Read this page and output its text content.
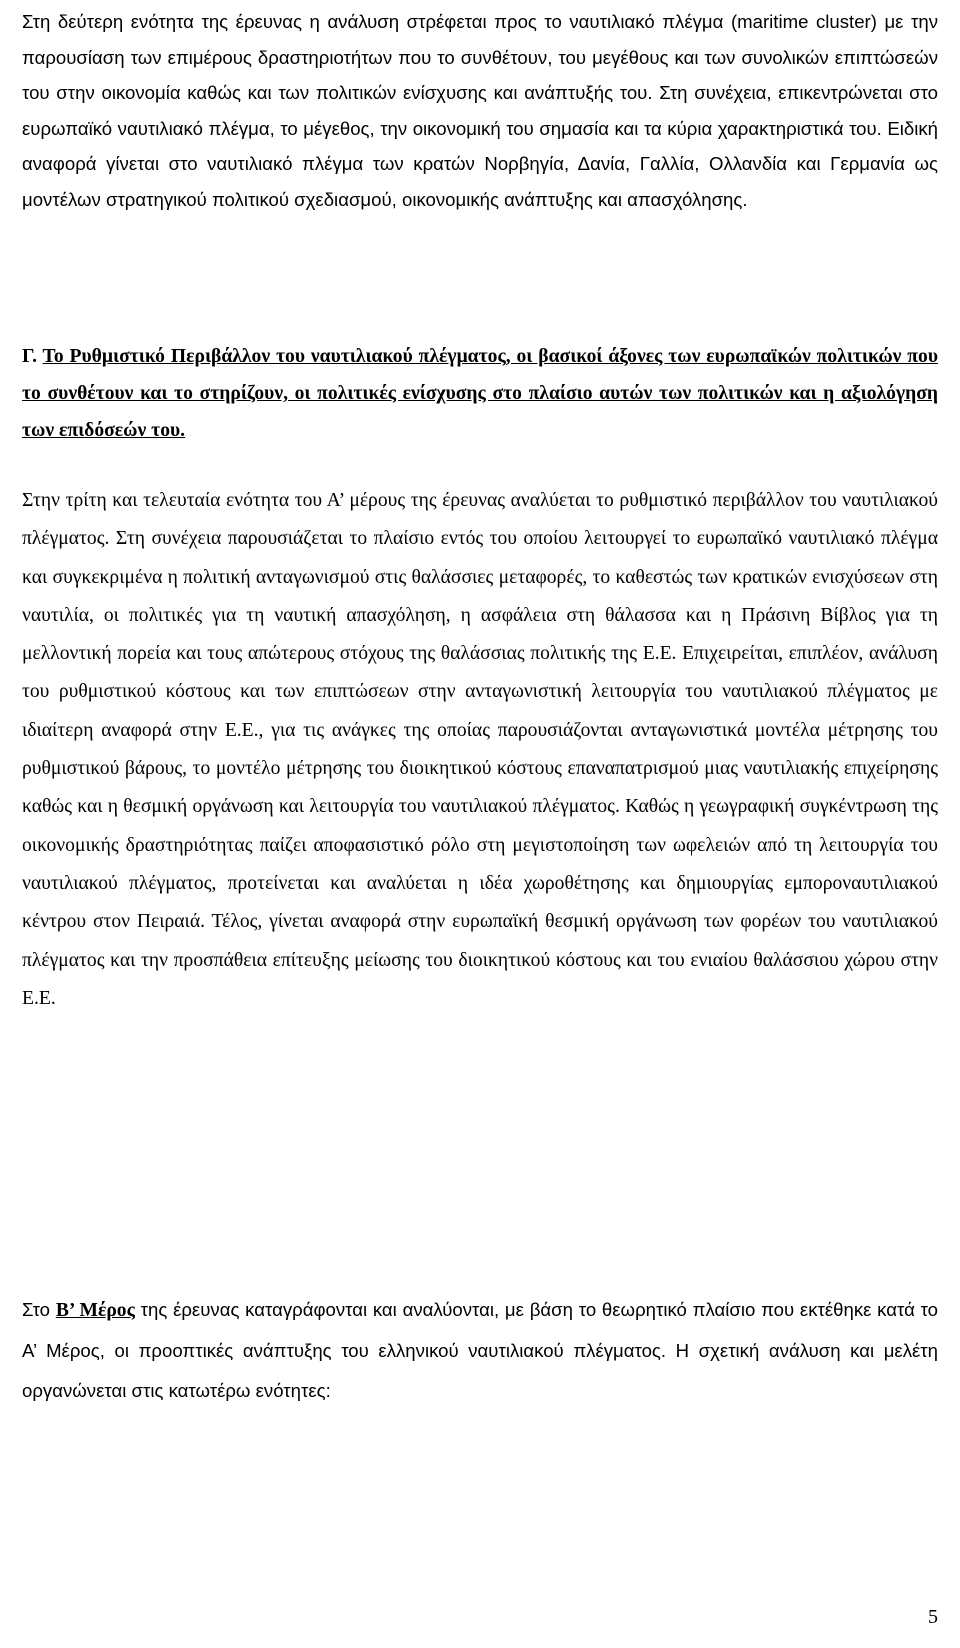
Στη δεύτερη ενότητα της έρευνας η ανάλυση στρέφεται προς το ναυτιλιακό πλέγμα (maritime cluster) με την παρουσίαση των επιμέρους δραστηριοτήτων που το συνθέτουν, του μεγέθους και των συνολικών επιπτώσεών του στην οικονομία καθώς και των πολιτικών ενίσχυσης και ανάπτυξής του. Στη συνέχεια, επικεντρώνεται στο ευρωπαϊκό ναυτιλιακό πλέγμα, το μέγεθος, την οικονομική του σημασία και τα κύρια χαρακτηριστικά του. Ειδική αναφορά γίνεται στο ναυτιλιακό πλέγμα των κρατών Νορβηγία, Δανία, Γαλλία, Ολλανδία και Γερμανία ως μοντέλων στρατηγικού πολιτικού σχεδιασμού, οικονομικής ανάπτυξης και απασχόλησης.

Γ. Το Ρυθμιστικό Περιβάλλον του ναυτιλιακού πλέγματος, οι βασικοί άξονες των ευρωπαϊκών πολιτικών που το συνθέτουν και το στηρίζουν, οι πολιτικές ενίσχυσης στο πλαίσιο αυτών των πολιτικών και η αξιολόγηση των επιδόσεών του.

Στην τρίτη και τελευταία ενότητα του Α’ μέρους της έρευνας αναλύεται το ρυθμιστικό περιβάλλον του ναυτιλιακού πλέγματος. Στη συνέχεια παρουσιάζεται το πλαίσιο εντός του οποίου λειτουργεί το ευρωπαϊκό ναυτιλιακό πλέγμα και συγκεκριμένα η πολιτική ανταγωνισμού στις θαλάσσιες μεταφορές, το καθεστώς των κρατικών ενισχύσεων στη ναυτιλία, οι πολιτικές για τη ναυτική απασχόληση, η ασφάλεια στη θάλασσα και η Πράσινη Βίβλος για τη μελλοντική πορεία και τους απώτερους στόχους της θαλάσσιας πολιτικής της Ε.Ε. Επιχειρείται, επιπλέον, ανάλυση του ρυθμιστικού κόστους και των επιπτώσεων στην ανταγωνιστική λειτουργία του ναυτιλιακού πλέγματος με ιδιαίτερη αναφορά στην Ε.Ε., για τις ανάγκες της οποίας παρουσιάζονται ανταγωνιστικά μοντέλα μέτρησης του ρυθμιστικού βάρους, το μοντέλο μέτρησης του διοικητικού κόστους επαναπατρισμού μιας ναυτιλιακής επιχείρησης καθώς και η θεσμική οργάνωση και λειτουργία του ναυτιλιακού πλέγματος. Καθώς η γεωγραφική συγκέντρωση της οικονομικής δραστηριότητας παίζει αποφασιστικό ρόλο στη μεγιστοποίηση των ωφελειών από τη λειτουργία του ναυτιλιακού πλέγματος, προτείνεται και αναλύεται η ιδέα χωροθέτησης και δημιουργίας εμποροναυτιλιακού κέντρου στον Πειραιά. Τέλος, γίνεται αναφορά στην ευρωπαϊκή θεσμική οργάνωση των φορέων του ναυτιλιακού πλέγματος και την προσπάθεια επίτευξης μείωσης του διοικητικού κόστους και του ενιαίου θαλάσσιου χώρου στην Ε.Ε.

Στο Β’ Μέρος της έρευνας καταγράφονται και αναλύονται, με βάση το θεωρητικό πλαίσιο που εκτέθηκε κατά το Α’ Μέρος, οι προοπτικές ανάπτυξης του ελληνικού ναυτιλιακού πλέγματος. Η σχετική ανάλυση και μελέτη οργανώνεται στις κατωτέρω ενότητες:

5
